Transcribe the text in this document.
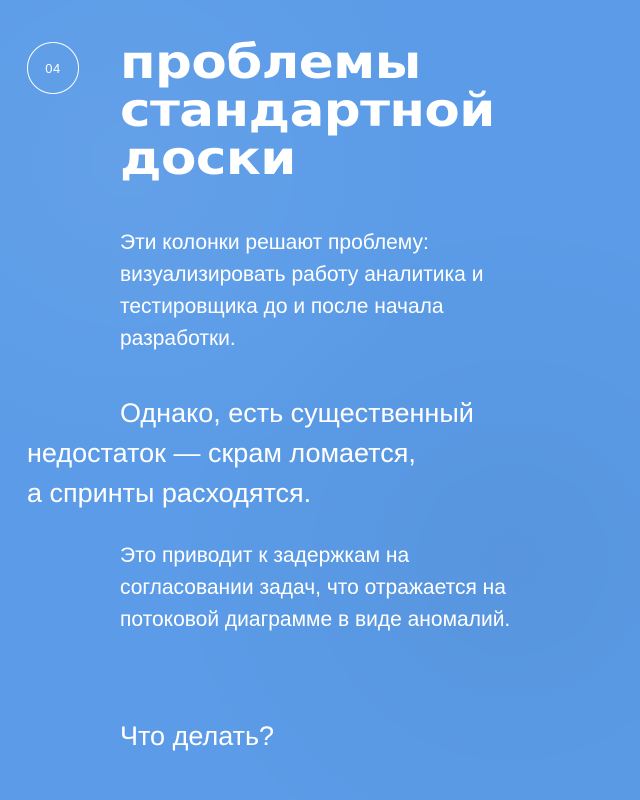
04 проблемы
стандартной
доски

Эти колонки решают проблему:
визуализировать работу аналитика и
тестировщика до и после начала
разработки.

Однако, есть существенный
недостаток — скрам ломается,
а спринты расходятся.

Это приводит к задержкам на
согласовании задач, что отражается на
потоковой диаграмме в виде аномалий.

Что делать?
